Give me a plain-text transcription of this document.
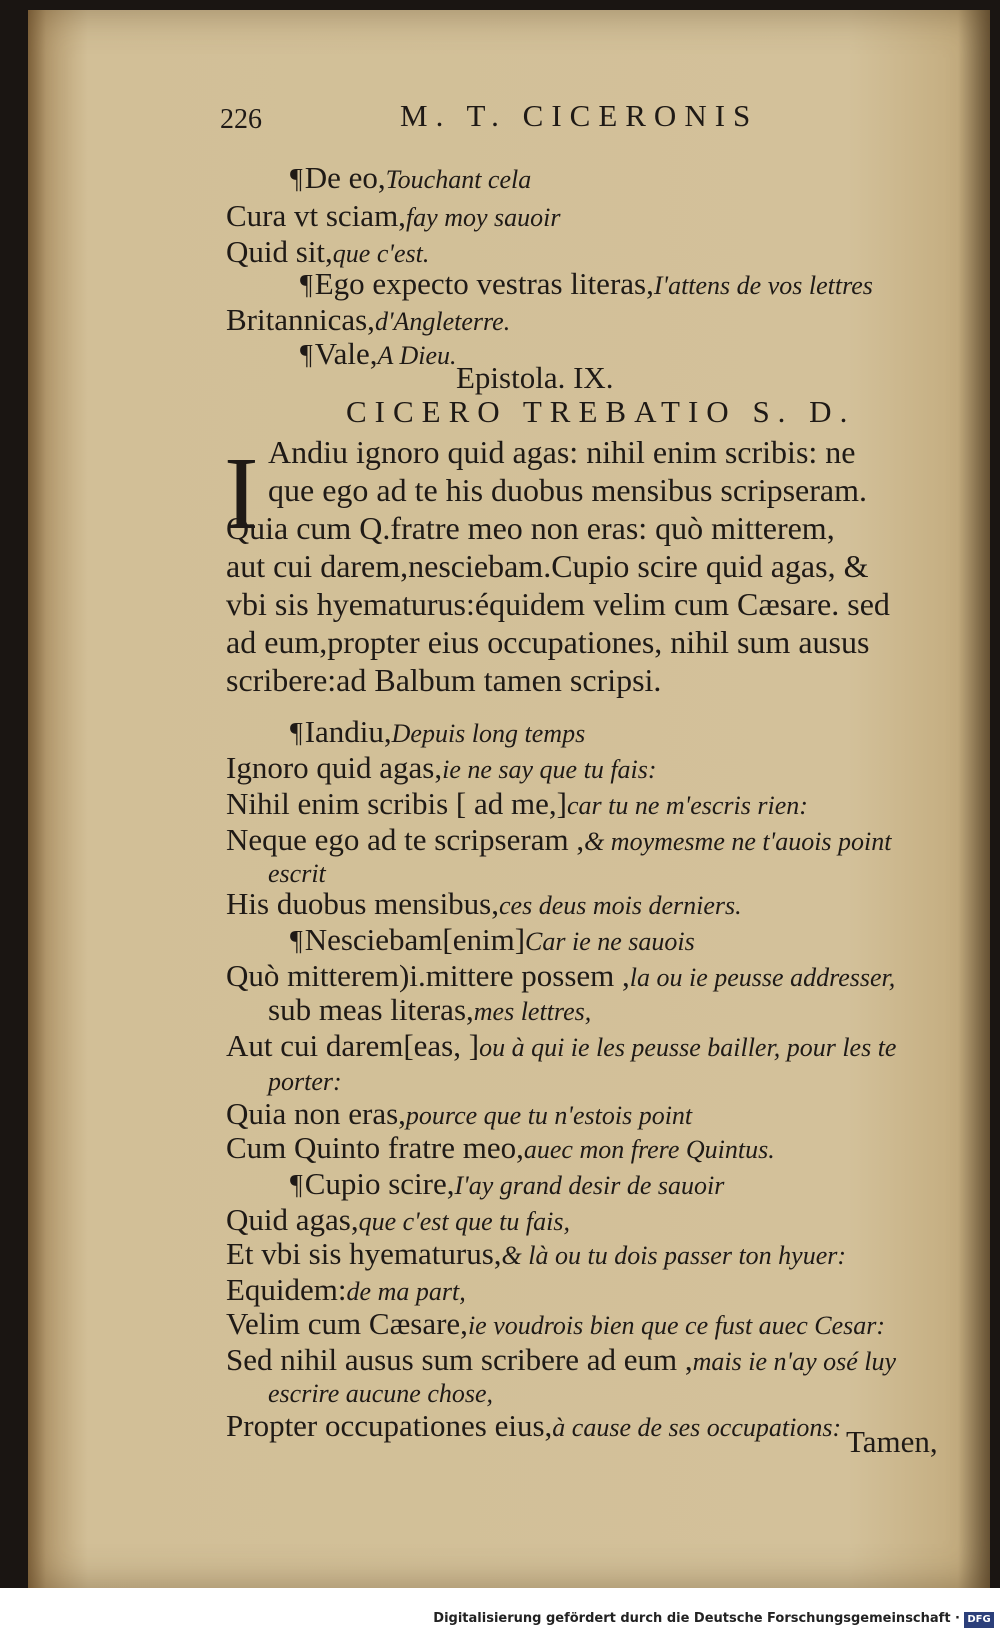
226	M. T. CICERONIS
¶De eo,Touchant cela
Cura vt sciam,fay moy sauoir
Quid sit,que c'est.
¶Ego expecto vestras literas,I'attens de vos lettres
Britannicas,d'Angleterre.
¶Vale,A Dieu.
Epistola. IX.
CICERO TREBATIO S. D.
I Andiu ignoro quid agas: nihil enim scribis: ne
que ego ad te his duobus mensibus scripseram.
Quia cum Q.fratre meo non eras: quò mitterem,
aut cui darem,nesciebam.Cupio scire quid agas, &
vbi sis hyematurus:équidem velim cum Cæsare. sed
ad eum,propter eius occupationes, nihil sum ausus
scribere:ad Balbum tamen scripsi.
¶Iandiu,Depuis long temps
Ignoro quid agas,ie ne say que tu fais:
Nihil enim scribis [ ad me,]car tu ne m'escris rien:
Neque ego ad te scripseram ,& moymesme ne t'auois point
escrit
His duobus mensibus,ces deus mois derniers.
¶Nesciebam[enim]Car ie ne sauois
Quò mitterem)i.mittere possem ,la ou ie peusse addresser,
sub meas literas,mes lettres,
Aut cui darem[eas, ]ou à qui ie les peusse bailler, pour les te
porter:
Quia non eras,pource que tu n'estois point
Cum Quinto fratre meo,auec mon frere Quintus.
¶Cupio scire,I'ay grand desir de sauoir
Quid agas,que c'est que tu fais,
Et vbi sis hyematurus,& là ou tu dois passer ton hyuer:
Equidem:de ma part,
Velim cum Cæsare,ie voudrois bien que ce fust auec Cesar:
Sed nihil ausus sum scribere ad eum ,mais ie n'ay osé luy
escrire aucune chose,
Propter occupationes eius,à cause de ses occupations: Tamen,
Digitalisierung gefördert durch die Deutsche Forschungsgemeinschaft · DFG
